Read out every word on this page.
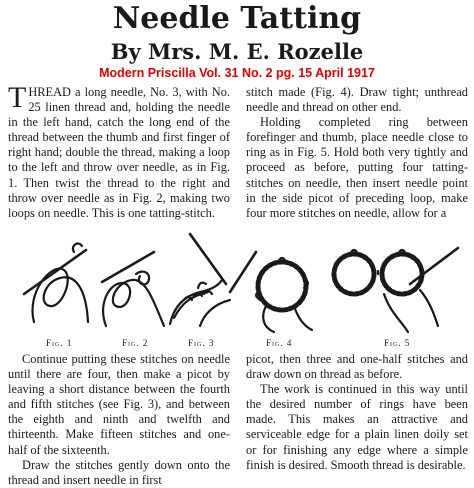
Needle Tatting
By Mrs. M. E. Rozelle
Modern Priscilla Vol. 31 No. 2 pg. 15 April 1917

THREAD a long needle, No. 3, with No. 25 linen thread and, holding the needle in the left hand, catch the long end of the thread between the thumb and first finger of right hand; double the thread, making a loop to the left and throw over needle, as in Fig. 1. Then twist the thread to the right and throw over needle as in Fig. 2, making two loops on needle. This is one tatting-stitch.

stitch made (Fig. 4). Draw tight; unthread needle and thread on other end.

Holding completed ring between forefinger and thumb, place needle close to ring as in Fig. 5. Hold both very tightly and proceed as before, putting four tatting-stitches on needle, then insert needle point in the side picot of preceding loop, make four more stitches on needle, allow for a

Fig. 1	Fig. 2	Fig. 3	Fig. 4	Fig. 5

Continue putting these stitches on needle until there are four, then make a picot by leaving a short distance between the fourth and fifth stitches (see Fig. 3), and between the eighth and ninth and twelfth and thirteenth. Make fifteen stitches and one-half of the sixteenth.

Draw the stitches gently down onto the thread and insert needle in first

picot, then three and one-half stitches and draw down on thread as before.

The work is continued in this way until the desired number of rings have been made. This makes an attractive and serviceable edge for a plain linen doily set or for finishing any edge where a simple finish is desired. Smooth thread is desirable.
